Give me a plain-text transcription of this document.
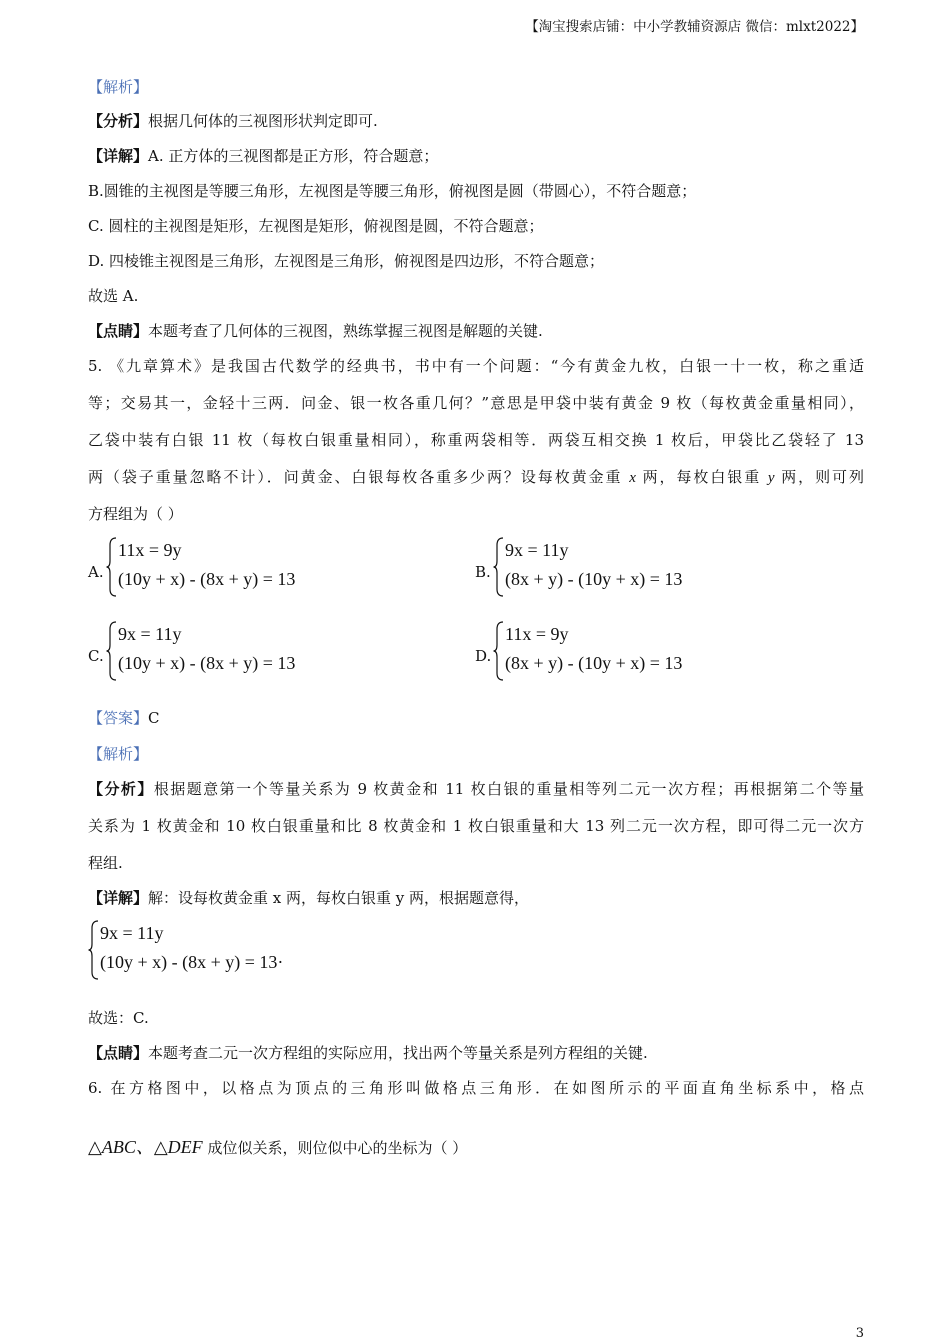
【淘宝搜索店铺：中小学教辅资源店 微信：mlxt2022】
【解析】
【分析】根据几何体的三视图形状判定即可.
【详解】A. 正方体的三视图都是正方形，符合题意；
B.圆锥的主视图是等腰三角形，左视图是等腰三角形，俯视图是圆（带圆心），不符合题意；
C. 圆柱的主视图是矩形，左视图是矩形，俯视图是圆，不符合题意；
D. 四棱锥主视图是三角形，左视图是三角形，俯视图是四边形，不符合题意；
故选 A.
【点睛】本题考查了几何体的三视图，熟练掌握三视图是解题的关键.
5. 《九章算术》是我国古代数学的经典书，书中有一个问题：“今有黄金九枚，白银一十一枚，称之重适
等；交易其一，金轻十三两．问金、银一枚各重几何？”意思是甲袋中装有黄金 9 枚（每枚黄金重量相同），
乙袋中装有白银 11 枚（每枚白银重量相同），称重两袋相等．两袋互相交换 1 枚后，甲袋比乙袋轻了 13
两（袋子重量忽略不计）．问黄金、白银每枚各重多少两？设每枚黄金重 x 两，每枚白银重 y 两，则可列
方程组为（ ）
A.
11x = 9y
(10y + x) - (8x + y) = 13	B.
9x = 11y
(8x + y) - (10y + x) = 13
C.
9x = 11y
(10y + x) - (8x + y) = 13	D.
11x = 9y
(8x + y) - (10y + x) = 13
【答案】C
【解析】
【分析】根据题意第一个等量关系为 9 枚黄金和 11 枚白银的重量相等列二元一次方程；再根据第二个等量
关系为 1 枚黄金和 10 枚白银重量和比 8 枚黄金和 1 枚白银重量和大 13 列二元一次方程，即可得二元一次方
程组.
【详解】解：设每枚黄金重 x 两，每枚白银重 y 两，根据题意得，
9x = 11y
(10y + x) - (8x + y) = 13·
故选：C.
【点睛】本题考查二元一次方程组的实际应用，找出两个等量关系是列方程组的关键.
6. 在方格图中，以格点为顶点的三角形叫做格点三角形．在如图所示的平面直角坐标系中，格点
△ABC、△DEF 成位似关系，则位似中心的坐标为（ ）
3
